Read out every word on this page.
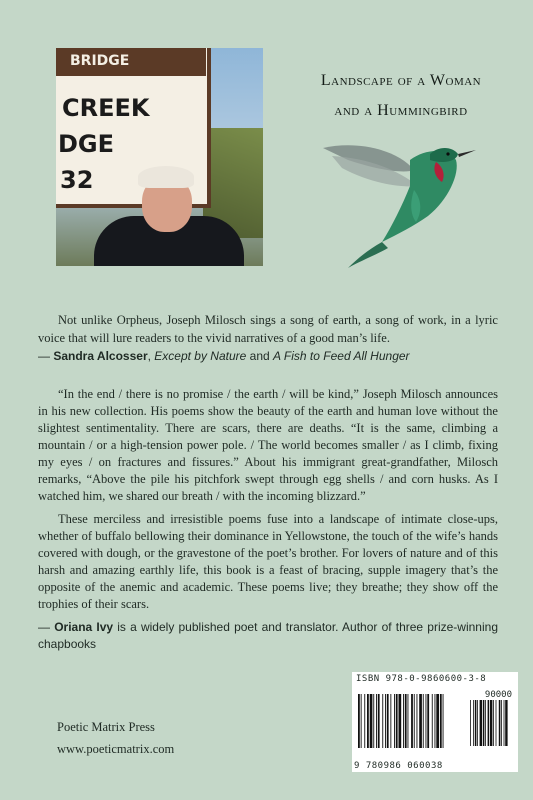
BRIDGE
CREEK
DGE
32
Landscape of a Woman
and a Hummingbird

Not unlike Orpheus, Joseph Milosch sings a song of earth, a song of work, in a lyric voice that will lure readers to the vivid narratives of a good man’s life.

— Sandra Alcosser, Except by Nature and A Fish to Feed All Hunger

“In the end / there is no promise / the earth / will be kind,” Joseph Milosch announces in his new collection. His poems show the beauty of the earth and human love without the slightest sentimentality. There are scars, there are deaths. “It is the same, climbing a mountain / or a high-tension power pole. / The world becomes smaller / as I climb, fixing my eyes / on fractures and fissures.” About his immigrant great-grandfather, Milosch remarks, “Above the pile his pitchfork swept through egg shells / and corn husks. As I watched him, we shared our breath / with the incoming blizzard.”

These merciless and irresistible poems fuse into a landscape of intimate close-ups, whether of buffalo bellowing their dominance in Yellowstone, the touch of the wife’s hands covered with dough, or the gravestone of the poet’s brother. For lovers of nature and of this harsh and amazing earthly life, this book is a feast of bracing, supple imagery that’s the opposite of the anemic and academic. These poems live; they breathe; they show off the trophies of their scars.

— Oriana Ivy is a widely published poet and translator. Author of three prize-winning chapbooks

Poetic Matrix Press
www.poeticmatrix.com
ISBN 978-0-9860600-3-8
90000
9 780986 060038
